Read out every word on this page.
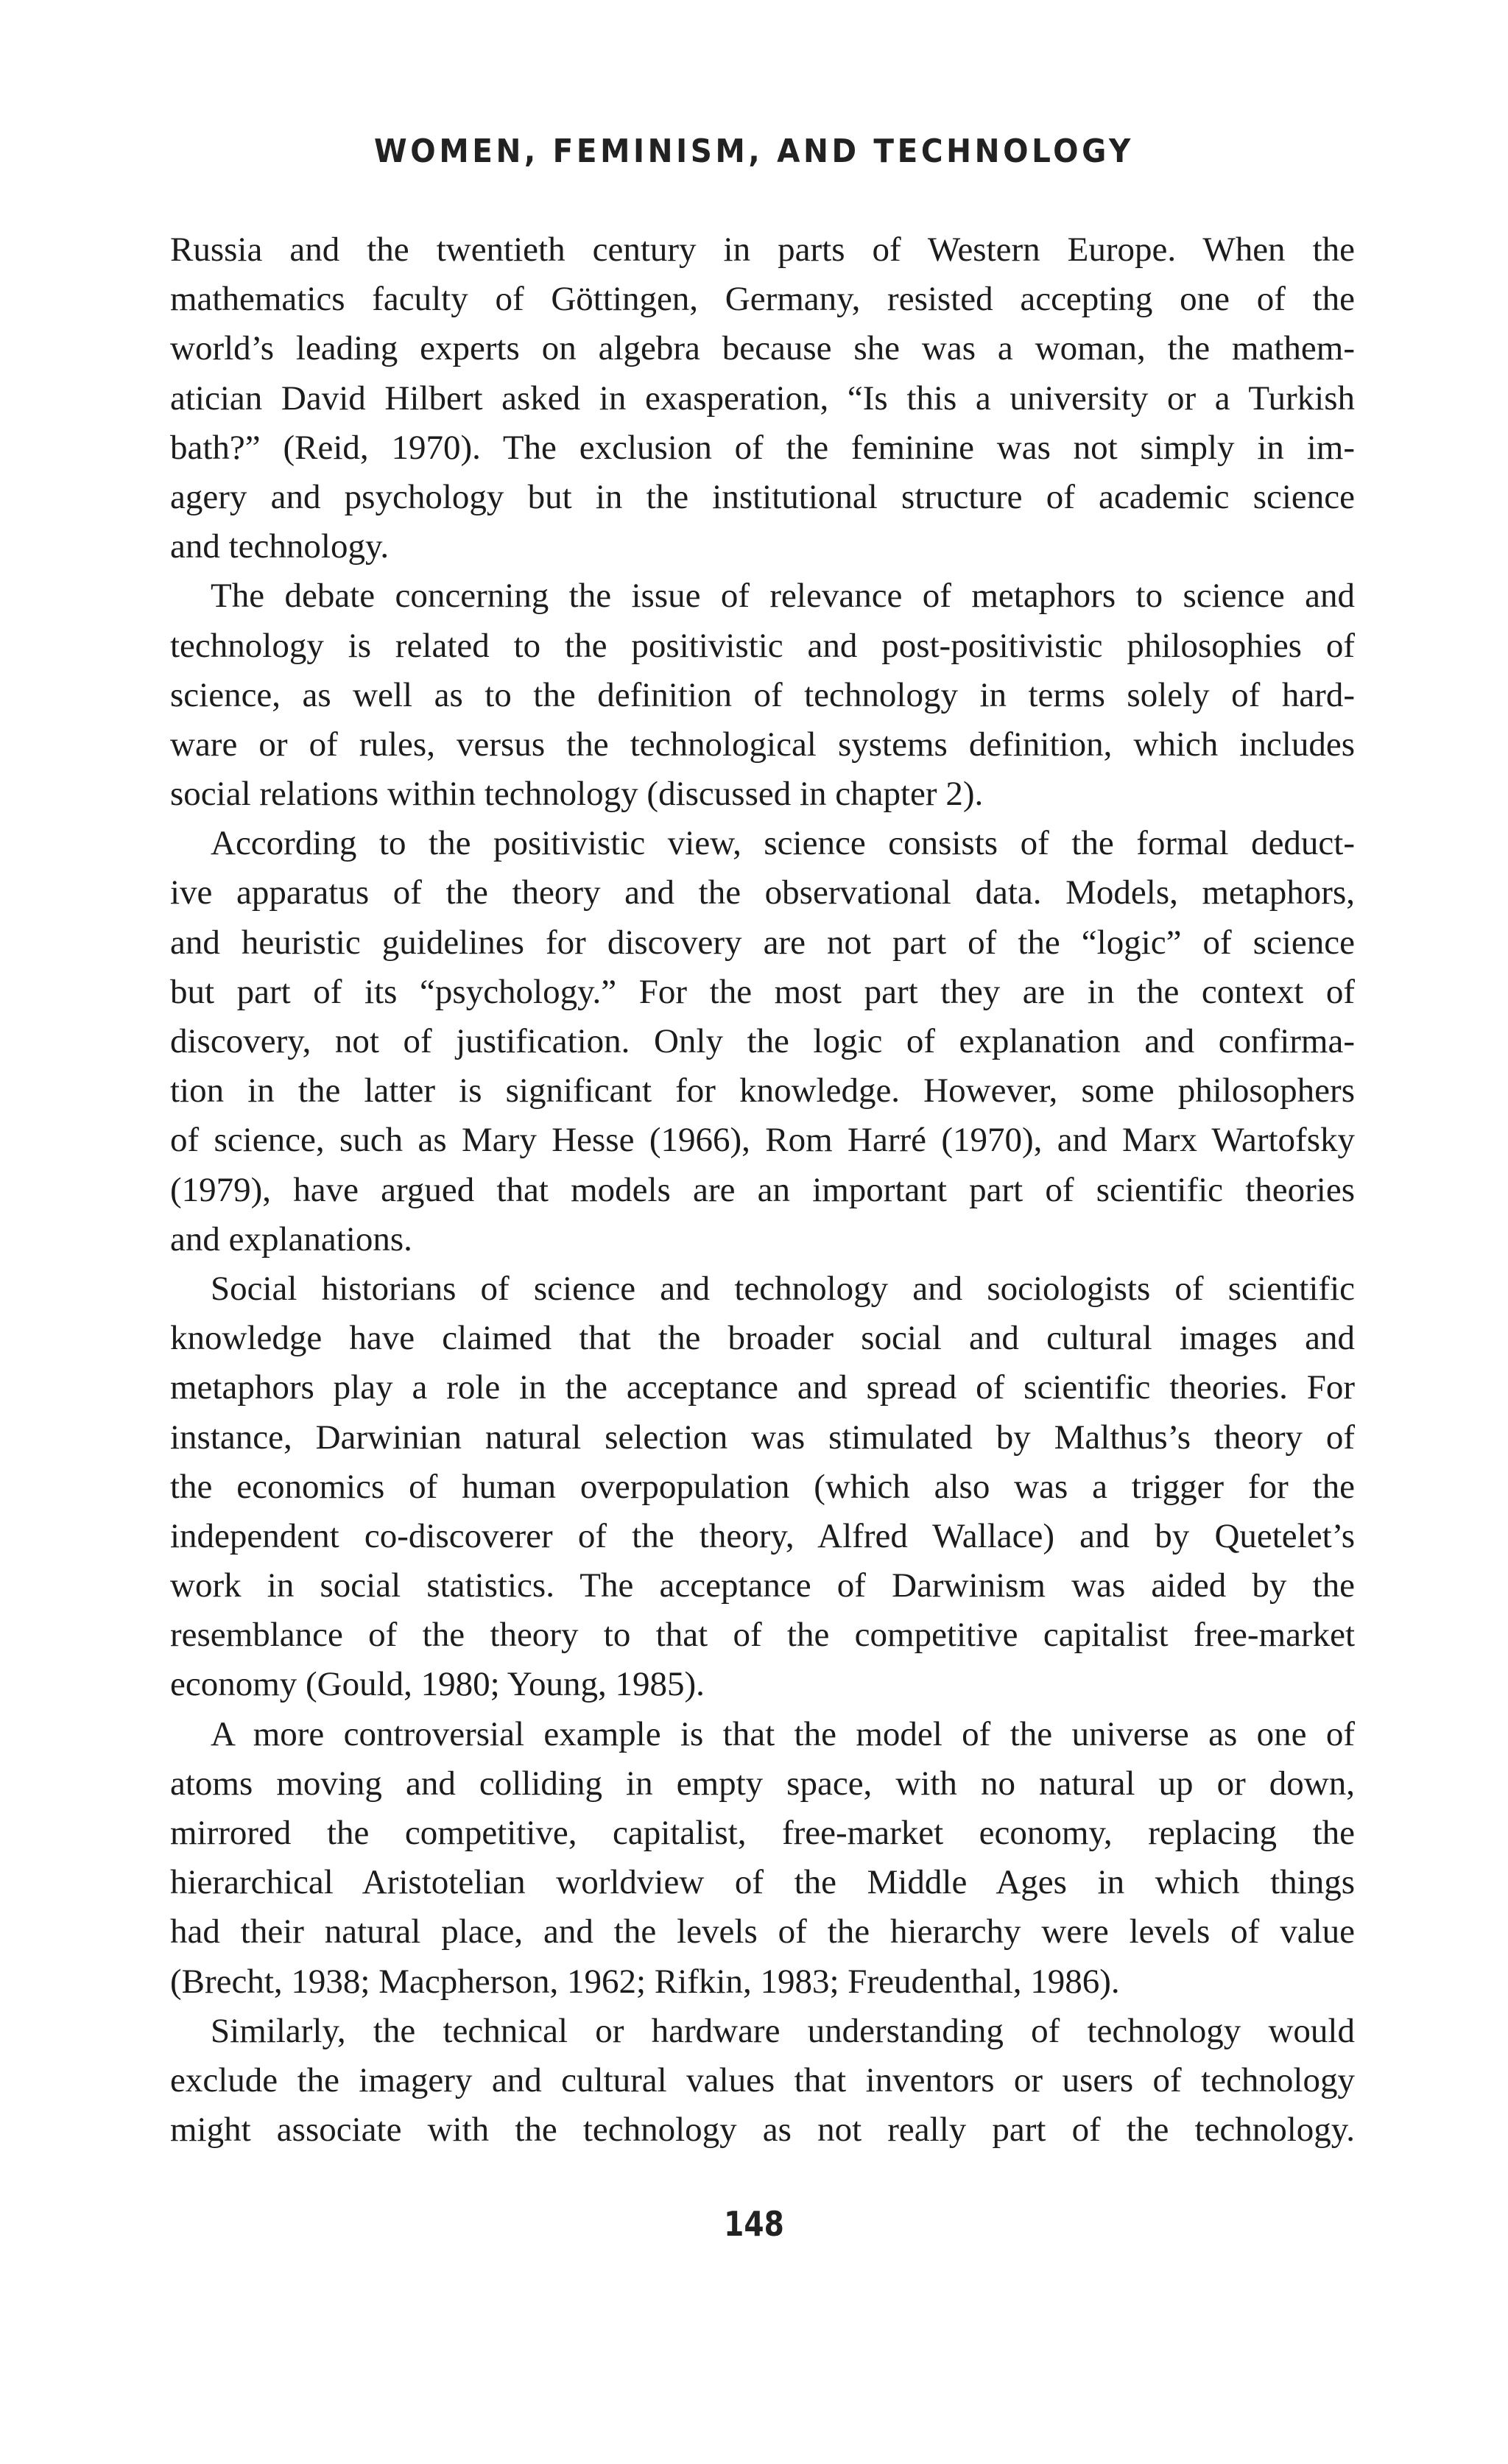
WOMEN, FEMINISM, AND TECHNOLOGY

Russia and the twentieth century in parts of Western Europe. When the
mathematics faculty of Göttingen, Germany, resisted accepting one of the
world’s leading experts on algebra because she was a woman, the mathem-
atician David Hilbert asked in exasperation, “Is this a university or a Turkish
bath?” (Reid, 1970). The exclusion of the feminine was not simply in im-
agery and psychology but in the institutional structure of academic science
and technology.

The debate concerning the issue of relevance of metaphors to science and
technology is related to the positivistic and post-positivistic philosophies of
science, as well as to the definition of technology in terms solely of hard-
ware or of rules, versus the technological systems definition, which includes
social relations within technology (discussed in chapter 2).

According to the positivistic view, science consists of the formal deduct-
ive apparatus of the theory and the observational data. Models, metaphors,
and heuristic guidelines for discovery are not part of the “logic” of science
but part of its “psychology.” For the most part they are in the context of
discovery, not of justification. Only the logic of explanation and confirma-
tion in the latter is significant for knowledge. However, some philosophers
of science, such as Mary Hesse (1966), Rom Harré (1970), and Marx Wartofsky
(1979), have argued that models are an important part of scientific theories
and explanations.

Social historians of science and technology and sociologists of scientific
knowledge have claimed that the broader social and cultural images and
metaphors play a role in the acceptance and spread of scientific theories. For
instance, Darwinian natural selection was stimulated by Malthus’s theory of
the economics of human overpopulation (which also was a trigger for the
independent co-discoverer of the theory, Alfred Wallace) and by Quetelet’s
work in social statistics. The acceptance of Darwinism was aided by the
resemblance of the theory to that of the competitive capitalist free-market
economy (Gould, 1980; Young, 1985).

A more controversial example is that the model of the universe as one of
atoms moving and colliding in empty space, with no natural up or down,
mirrored the competitive, capitalist, free-market economy, replacing the
hierarchical Aristotelian worldview of the Middle Ages in which things
had their natural place, and the levels of the hierarchy were levels of value
(Brecht, 1938; Macpherson, 1962; Rifkin, 1983; Freudenthal, 1986).

Similarly, the technical or hardware understanding of technology would
exclude the imagery and cultural values that inventors or users of technology
might associate with the technology as not really part of the technology.

148
